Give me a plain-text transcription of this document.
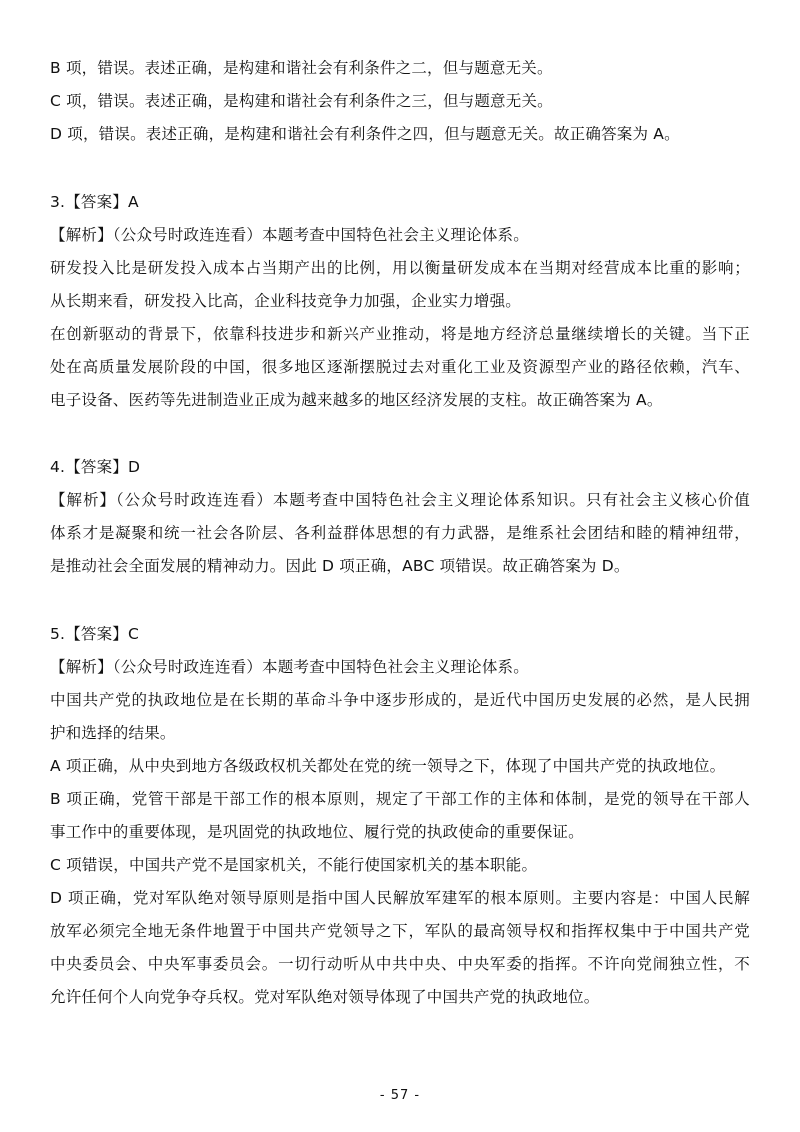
B 项，错误。表述正确，是构建和谐社会有利条件之二，但与题意无关。
C 项，错误。表述正确，是构建和谐社会有利条件之三，但与题意无关。
D 项，错误。表述正确，是构建和谐社会有利条件之四，但与题意无关。故正确答案为 A。
3.【答案】A
【解析】（公众号时政连连看）本题考查中国特色社会主义理论体系。
研发投入比是研发投入成本占当期产出的比例，用以衡量研发成本在当期对经营成本比重的影响；
从长期来看，研发投入比高，企业科技竞争力加强，企业实力增强。
在创新驱动的背景下，依靠科技进步和新兴产业推动，将是地方经济总量继续增长的关键。当下正
处在高质量发展阶段的中国，很多地区逐渐摆脱过去对重化工业及资源型产业的路径依赖，汽车、
电子设备、医药等先进制造业正成为越来越多的地区经济发展的支柱。故正确答案为 A。
4.【答案】D
【解析】（公众号时政连连看）本题考查中国特色社会主义理论体系知识。只有社会主义核心价值
体系才是凝聚和统一社会各阶层、各利益群体思想的有力武器，是维系社会团结和睦的精神纽带，
是推动社会全面发展的精神动力。因此 D 项正确，ABC 项错误。故正确答案为 D。
5.【答案】C
【解析】（公众号时政连连看）本题考查中国特色社会主义理论体系。
中国共产党的执政地位是在长期的革命斗争中逐步形成的，是近代中国历史发展的必然，是人民拥
护和选择的结果。
A 项正确，从中央到地方各级政权机关都处在党的统一领导之下，体现了中国共产党的执政地位。
B 项正确，党管干部是干部工作的根本原则，规定了干部工作的主体和体制，是党的领导在干部人
事工作中的重要体现，是巩固党的执政地位、履行党的执政使命的重要保证。
C 项错误，中国共产党不是国家机关，不能行使国家机关的基本职能。
D 项正确，党对军队绝对领导原则是指中国人民解放军建军的根本原则。主要内容是：中国人民解
放军必须完全地无条件地置于中国共产党领导之下，军队的最高领导权和指挥权集中于中国共产党
中央委员会、中央军事委员会。一切行动听从中共中央、中央军委的指挥。不许向党闹独立性，不
允许任何个人向党争夺兵权。党对军队绝对领导体现了中国共产党的执政地位。
- 57 -
